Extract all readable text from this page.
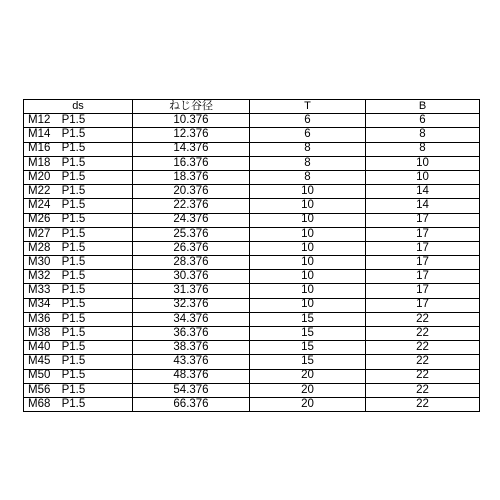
ds	ねじ谷径	T	B
M12 P1.5	10.376	6	6
M14 P1.5	12.376	6	8
M16 P1.5	14.376	8	8
M18 P1.5	16.376	8	10
M20 P1.5	18.376	8	10
M22 P1.5	20.376	10	14
M24 P1.5	22.376	10	14
M26 P1.5	24.376	10	17
M27 P1.5	25.376	10	17
M28 P1.5	26.376	10	17
M30 P1.5	28.376	10	17
M32 P1.5	30.376	10	17
M33 P1.5	31.376	10	17
M34 P1.5	32.376	10	17
M36 P1.5	34.376	15	22
M38 P1.5	36.376	15	22
M40 P1.5	38.376	15	22
M45 P1.5	43.376	15	22
M50 P1.5	48.376	20	22
M56 P1.5	54.376	20	22
M68 P1.5	66.376	20	22
